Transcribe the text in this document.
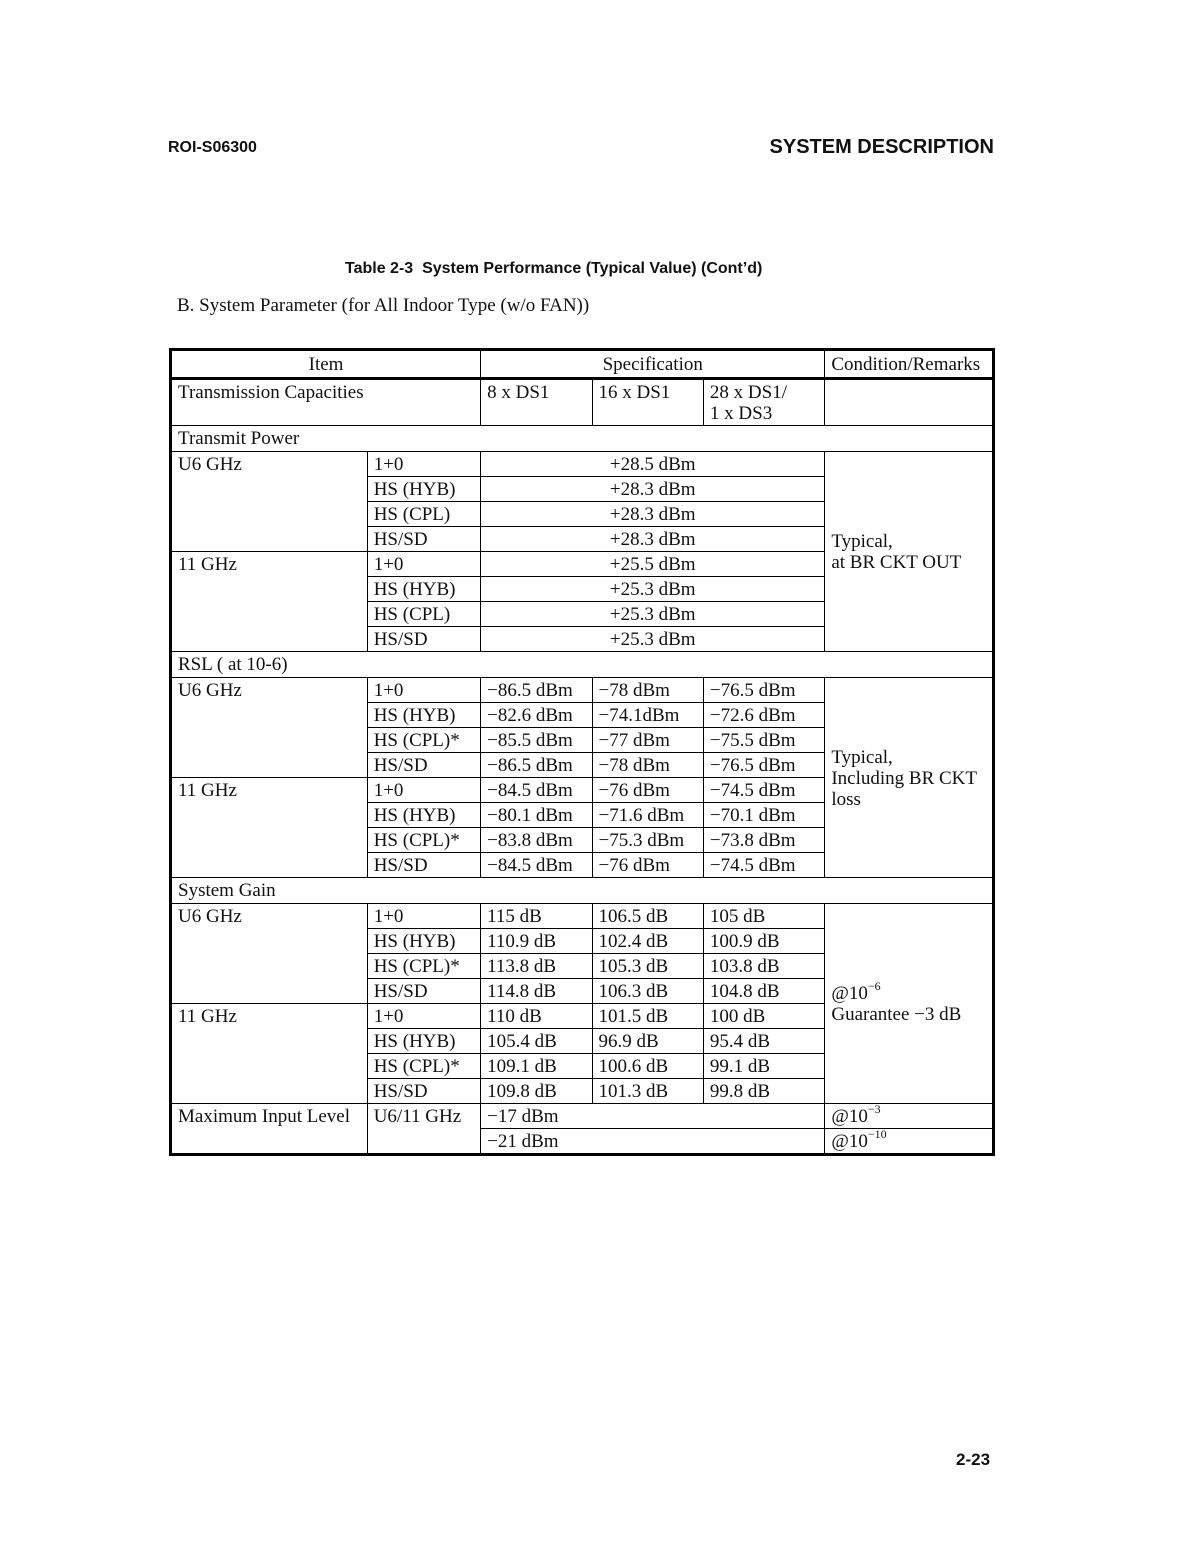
ROI-S06300	SYSTEM DESCRIPTION
Table 2-3  System Performance (Typical Value) (Cont’d)
B. System Parameter (for All Indoor Type (w/o FAN))
Item		Specification			Condition/Remarks
Transmission Capacities		8 x DS1	16 x DS1	28 x DS1/
1 x DS3	

Transmit Power					
U6 GHz	1+0	+28.5 dBm			Typical,
at BR CKT OUT

	HS (HYB)	+28.3 dBm			
	HS (CPL)	+28.3 dBm			
	HS/SD	+28.3 dBm			
11 GHz	1+0	+25.5 dBm			
	HS (HYB)	+25.3 dBm			
	HS (CPL)	+25.3 dBm			
	HS/SD	+25.3 dBm			
RSL ( at 10-6)					
U6 GHz	1+0	−86.5 dBm	−78 dBm	−76.5 dBm	Typical,
Including BR CKT
loss

	HS (HYB)	−82.6 dBm	−74.1dBm	−72.6 dBm	
	HS (CPL)*	−85.5 dBm	−77 dBm	−75.5 dBm	
	HS/SD	−86.5 dBm	−78 dBm	−76.5 dBm	
11 GHz	1+0	−84.5 dBm	−76 dBm	−74.5 dBm	
	HS (HYB)	−80.1 dBm	−71.6 dBm	−70.1 dBm	
	HS (CPL)*	−83.8 dBm	−75.3 dBm	−73.8 dBm	
	HS/SD	−84.5 dBm	−76 dBm	−74.5 dBm	
System Gain					
U6 GHz	1+0	115 dB	106.5 dB	105 dB	$@10^{-6}$
Guarantee −3 dB

	HS (HYB)	110.9 dB	102.4 dB	100.9 dB	
	HS (CPL)*	113.8 dB	105.3 dB	103.8 dB	
	HS/SD	114.8 dB	106.3 dB	104.8 dB	
11 GHz	1+0	110 dB	101.5 dB	100 dB	
	HS (HYB)	105.4 dB	96.9 dB	95.4 dB	
	HS (CPL)*	109.1 dB	100.6 dB	99.1 dB	
	HS/SD	109.8 dB	101.3 dB	99.8 dB	
Maximum Input Level	U6/11 GHz	−17 dBm			$@10^{-3}$
		−21 dBm			$@10^{-10}$
2-23
